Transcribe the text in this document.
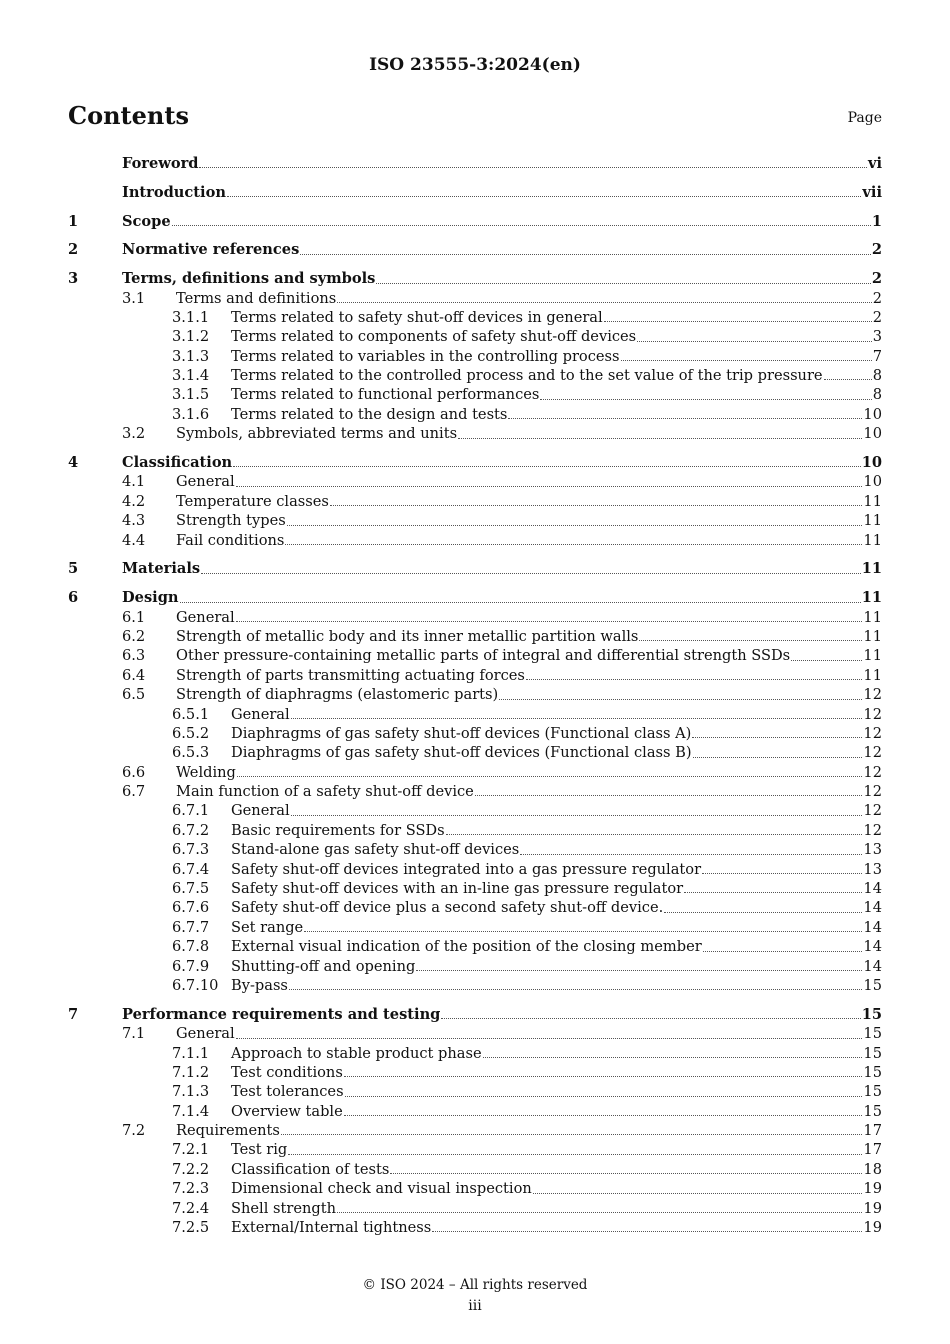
ISO 23555-3:2024(en)
Contents	Page
Foreword	vi
Introduction	vii
1	Scope	1
2	Normative references	2
3	Terms, definitions and symbols	2
3.1	Terms and definitions	2
3.1.1	Terms related to safety shut-off devices in general	2
3.1.2	Terms related to components of safety shut-off devices	3
3.1.3	Terms related to variables in the controlling process	7
3.1.4	Terms related to the controlled process and to the set value of the trip pressure	8
3.1.5	Terms related to functional performances	8
3.1.6	Terms related to the design and tests	10
3.2	Symbols, abbreviated terms and units	10
4	Classification	10
4.1	General	10
4.2	Temperature classes	11
4.3	Strength types	11
4.4	Fail conditions	11
5	Materials	11
6	Design	11
6.1	General	11
6.2	Strength of metallic body and its inner metallic partition walls	11
6.3	Other pressure-containing metallic parts of integral and differential strength SSDs	11
6.4	Strength of parts transmitting actuating forces	11
6.5	Strength of diaphragms (elastomeric parts)	12
6.5.1	General	12
6.5.2	Diaphragms of gas safety shut-off devices (Functional class A)	12
6.5.3	Diaphragms of gas safety shut-off devices (Functional class B)	12
6.6	Welding	12
6.7	Main function of a safety shut-off device	12
6.7.1	General	12
6.7.2	Basic requirements for SSDs	12
6.7.3	Stand-alone gas safety shut-off devices	13
6.7.4	Safety shut-off devices integrated into a gas pressure regulator	13
6.7.5	Safety shut-off devices with an in-line gas pressure regulator	14
6.7.6	Safety shut-off device plus a second safety shut-off device.	14
6.7.7	Set range	14
6.7.8	External visual indication of the position of the closing member	14
6.7.9	Shutting-off and opening	14
6.7.10 By-pass	15
7	Performance requirements and testing	15
7.1	General	15
7.1.1	Approach to stable product phase	15
7.1.2	Test conditions	15
7.1.3	Test tolerances	15
7.1.4	Overview table	15
7.2	Requirements	17
7.2.1	Test rig	17
7.2.2	Classification of tests	18
7.2.3	Dimensional check and visual inspection	19
7.2.4	Shell strength	19
7.2.5	External/Internal tightness	19
© ISO 2024 – All rights reserved
iii
